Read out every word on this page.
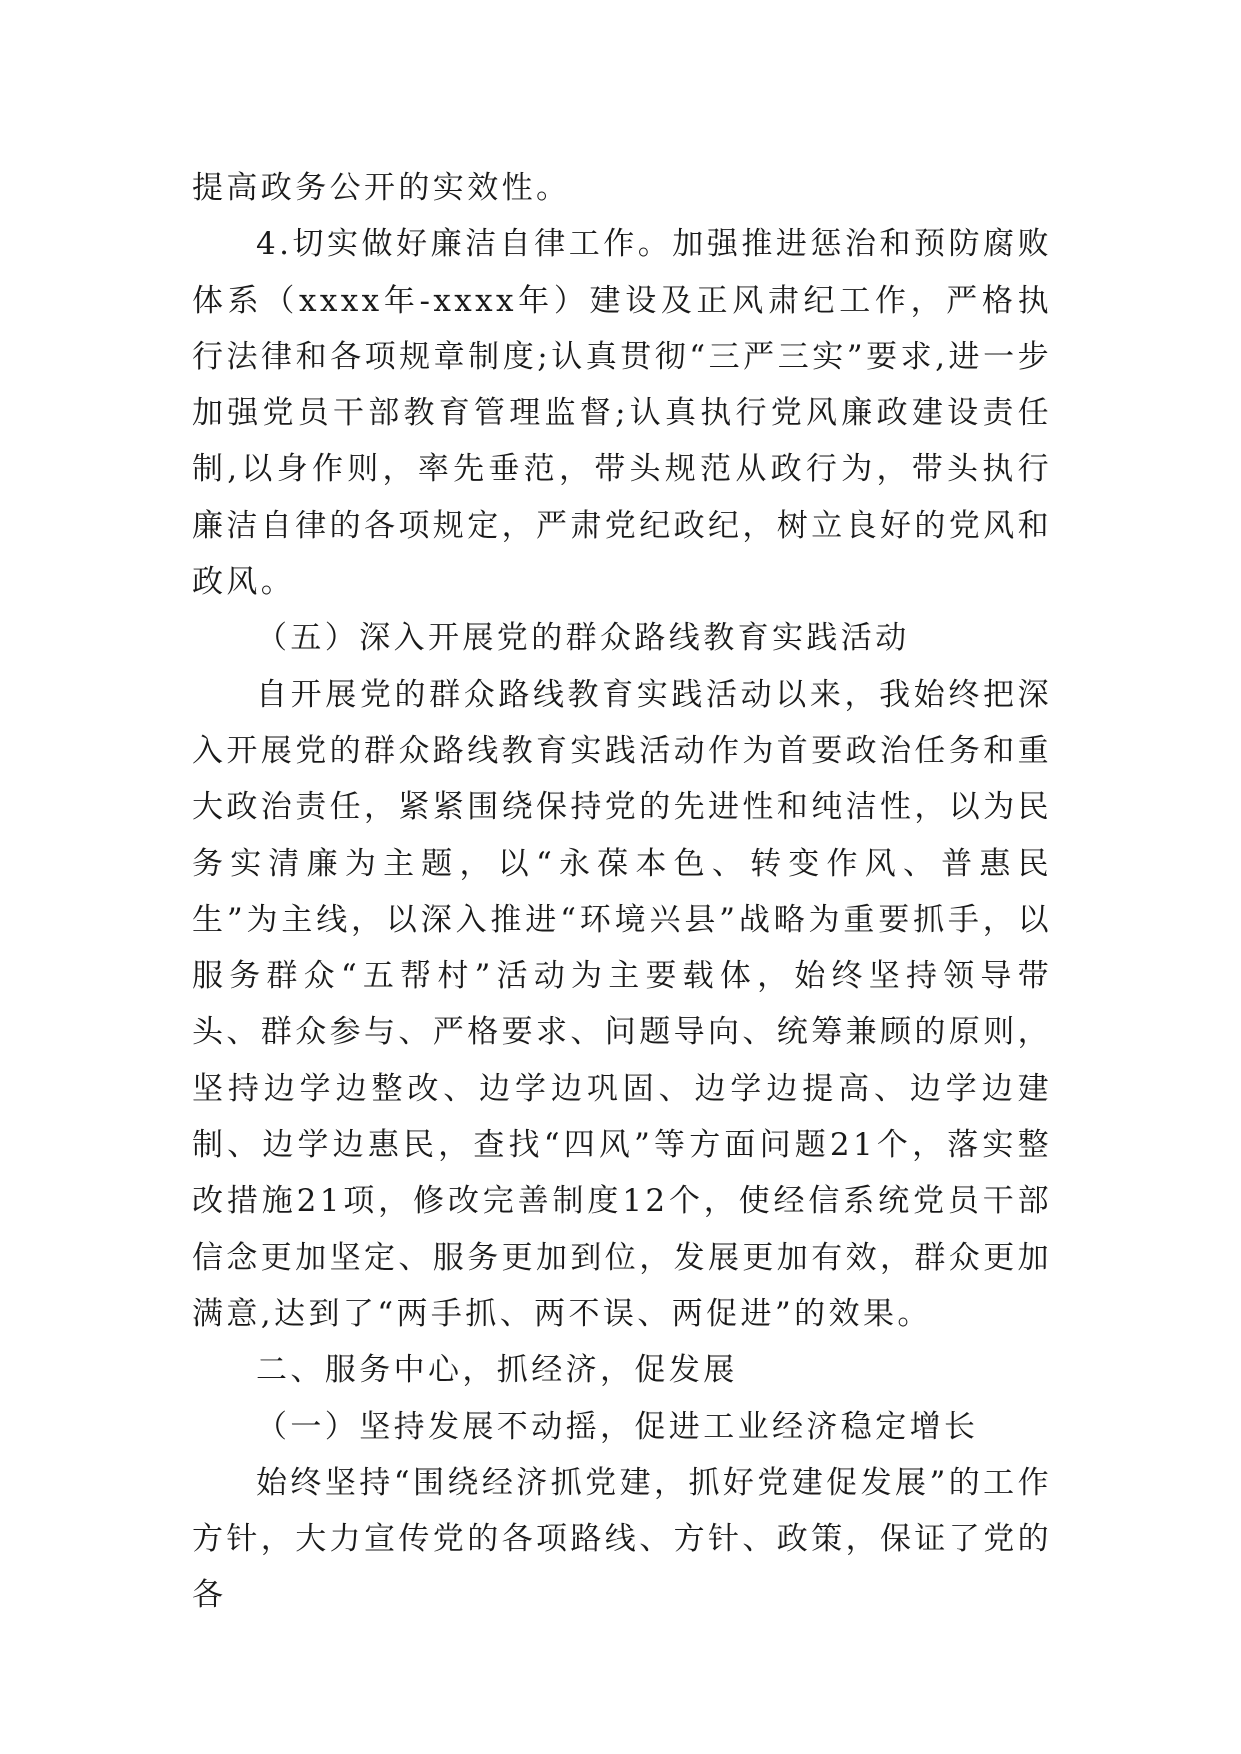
提高政务公开的实效性。

4.切实做好廉洁自律工作。加强推进惩治和预防腐败体系（xxxx年-xxxx年）建设及正风肃纪工作，严格执行法律和各项规章制度;认真贯彻“三严三实”要求,进一步加强党员干部教育管理监督;认真执行党风廉政建设责任制,以身作则，率先垂范，带头规范从政行为，带头执行廉洁自律的各项规定，严肃党纪政纪，树立良好的党风和政风。

（五）深入开展党的群众路线教育实践活动

自开展党的群众路线教育实践活动以来，我始终把深入开展党的群众路线教育实践活动作为首要政治任务和重大政治责任，紧紧围绕保持党的先进性和纯洁性，以为民务实清廉为主题，以“永葆本色、转变作风、普惠民生”为主线，以深入推进“环境兴县”战略为重要抓手，以服务群众“五帮村”活动为主要载体，始终坚持领导带头、群众参与、严格要求、问题导向、统筹兼顾的原则，坚持边学边整改、边学边巩固、边学边提高、边学边建制、边学边惠民，查找“四风”等方面问题21个，落实整改措施21项，修改完善制度12个，使经信系统党员干部信念更加坚定、服务更加到位，发展更加有效，群众更加满意,达到了“两手抓、两不误、两促进”的效果。

二、服务中心，抓经济，促发展

（一）坚持发展不动摇，促进工业经济稳定增长

始终坚持“围绕经济抓党建，抓好党建促发展”的工作方针，大力宣传党的各项路线、方针、政策，保证了党的各
